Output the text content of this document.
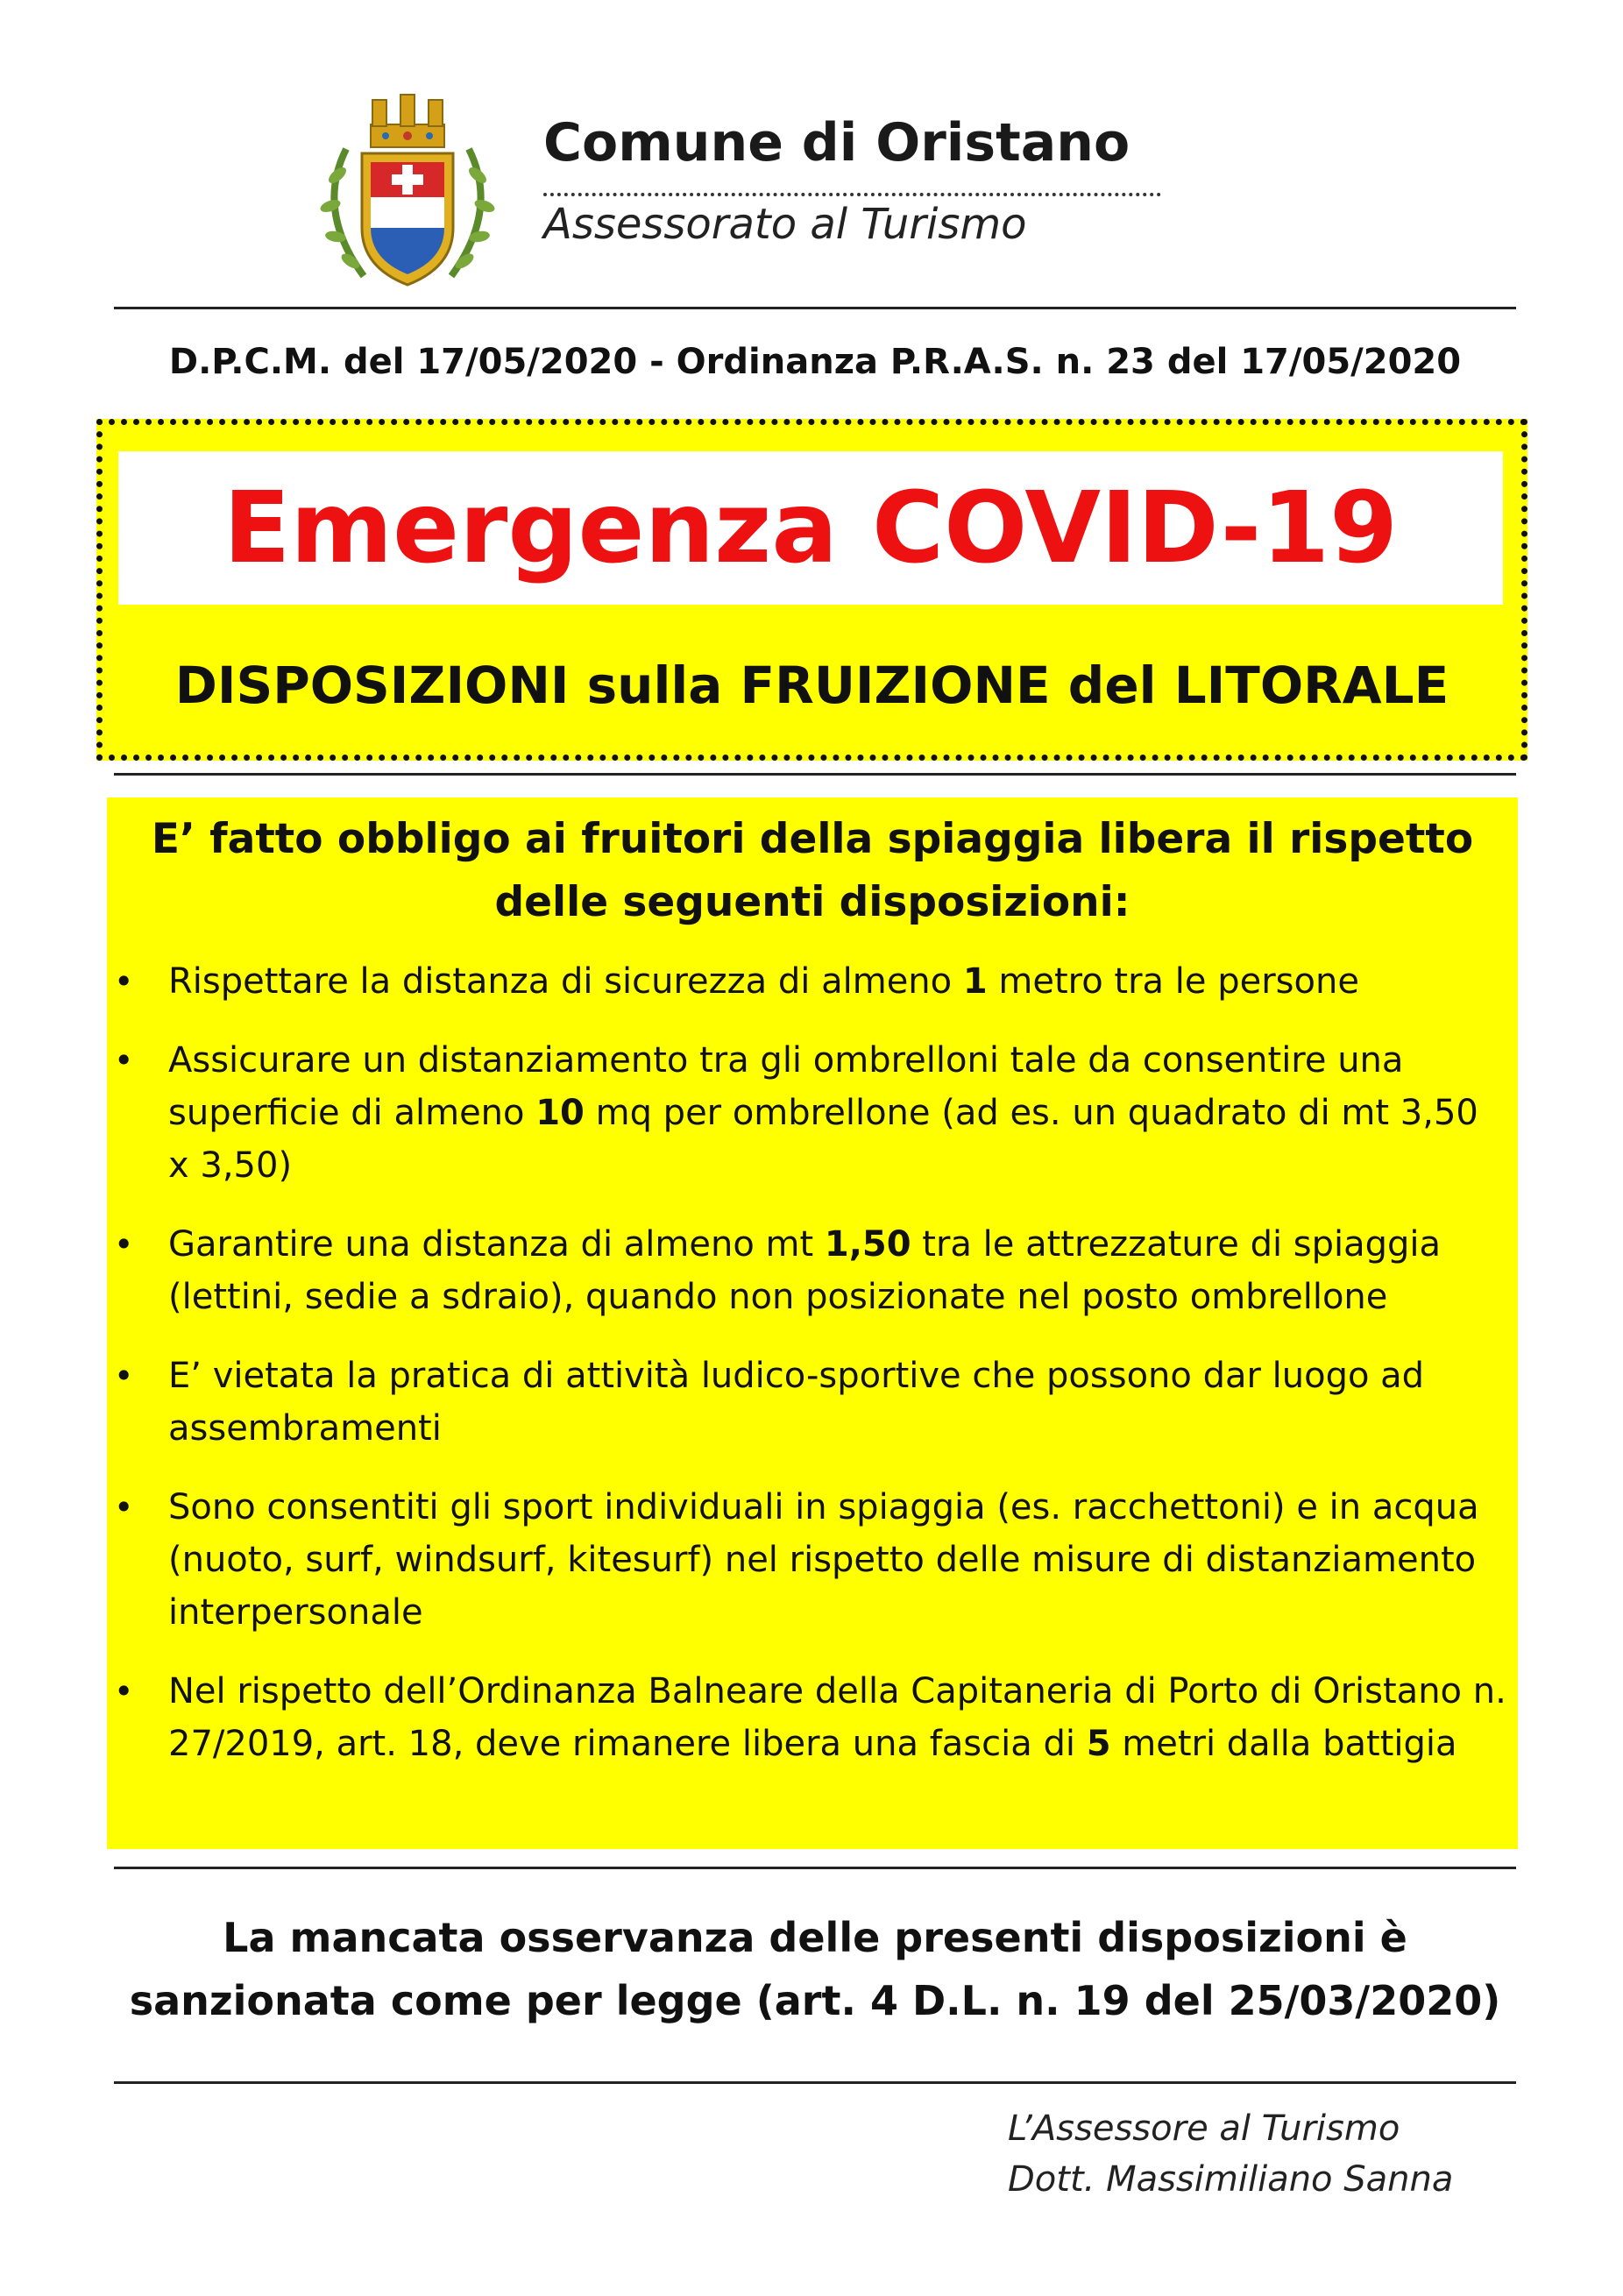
Comune di Oristano
Assessorato al Turismo
D.P.C.M. del 17/05/2020 - Ordinanza P.R.A.S. n. 23 del 17/05/2020
Emergenza COVID-19
DISPOSIZIONI sulla FRUIZIONE del LITORALE
E’ fatto obbligo ai fruitori della spiaggia libera il rispetto delle seguenti disposizioni:
• Rispettare la distanza di sicurezza di almeno 1 metro tra le persone
• Assicurare un distanziamento tra gli ombrelloni tale da consentire una superficie di almeno 10 mq per ombrellone (ad es. un quadrato di mt 3,50 x 3,50)
• Garantire una distanza di almeno mt 1,50 tra le attrezzature di spiaggia (lettini, sedie a sdraio), quando non posizionate nel posto ombrellone
• E’ vietata la pratica di attività ludico-sportive che possono dar luogo ad assembramenti
• Sono consentiti gli sport individuali in spiaggia (es. racchettoni) e in acqua (nuoto, surf, windsurf, kitesurf) nel rispetto delle misure di distanziamento interpersonale
• Nel rispetto dell’Ordinanza Balneare della Capitaneria di Porto di Oristano n. 27/2019, art. 18, deve rimanere libera una fascia di 5 metri dalla battigia
La mancata osservanza delle presenti disposizioni è sanzionata come per legge (art. 4 D.L. n. 19 del 25/03/2020)
L’Assessore al Turismo
Dott. Massimiliano Sanna
